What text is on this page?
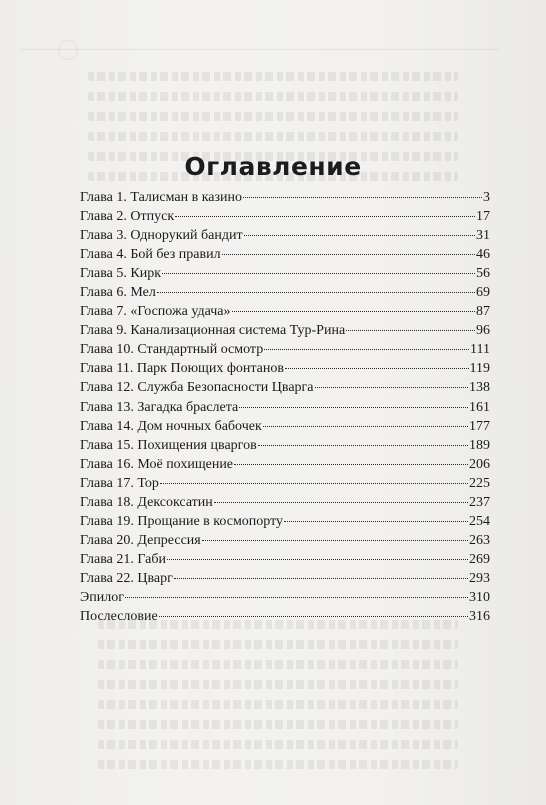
Оглавление
Глава 1. Талисман в казино	3
Глава 2. Отпуск	17
Глава 3. Однорукий бандит	31
Глава 4. Бой без правил	46
Глава 5. Кирк	56
Глава 6. Мел	69
Глава 7. «Госпожа удача»	87
Глава 9. Канализационная система Тур-Рина	96
Глава 10. Стандартный осмотр	111
Глава 11. Парк Поющих фонтанов	119
Глава 12. Служба Безопасности Цварга	138
Глава 13. Загадка браслета	161
Глава 14. Дом ночных бабочек	177
Глава 15. Похищения цваргов	189
Глава 16. Моё похищение	206
Глава 17. Тор	225
Глава 18. Дексоксатин	237
Глава 19. Прощание в космопорту	254
Глава 20. Депрессия	263
Глава 21. Габи	269
Глава 22. Цварг	293
Эпилог	310
Послесловие	316
